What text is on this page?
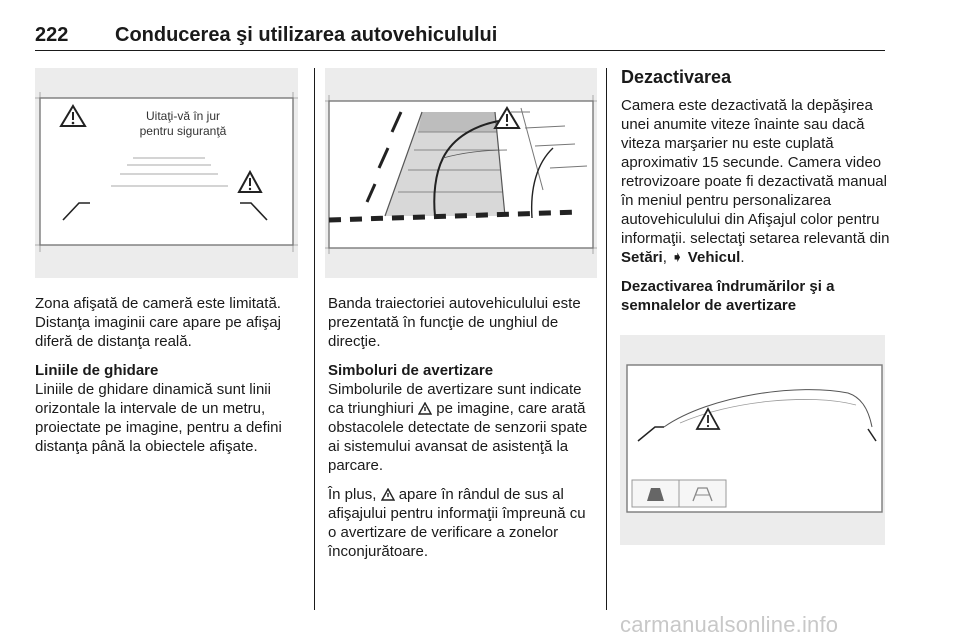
222 Conducerea şi utilizarea autovehiculului
Uitaţi-vă în jur
pentru siguranţă

Zona afişată de cameră este limitată. Distanţa imaginii care apare pe afişaj diferă de distanţa reală.

Liniile de ghidare
Liniile de ghidare dinamică sunt linii orizontale la intervale de un metru, proiectate pe imagine, pentru a defini distanţa până la obiectele afişate.

Banda traiectoriei autovehiculului este prezentată în funcţie de unghiul de direcţie.

Simboluri de avertizare
Simbolurile de avertizare sunt indicate ca triunghiuri pe imagine, care arată obstacolele detectate de senzorii spate ai sistemului avansat de asistenţă la parcare.

În plus, apare în rândul de sus al afişajului pentru informaţii împreună cu o avertizare de verificare a zonelor înconjurătoare.

Dezactivarea

Camera este dezactivată la depăşirea unei anumite viteze înainte sau dacă viteza marşarier nu este cuplată aproximativ 15 secunde. Camera video retrovizoare poate fi dezactivată manual în meniul pentru personalizarea autovehiculului din Afişajul color pentru informaţii. selectaţi setarea relevantă din Setări, ➧ Vehicul.

Dezactivarea îndrumărilor şi a semnalelor de avertizare

carmanualsonline.info
